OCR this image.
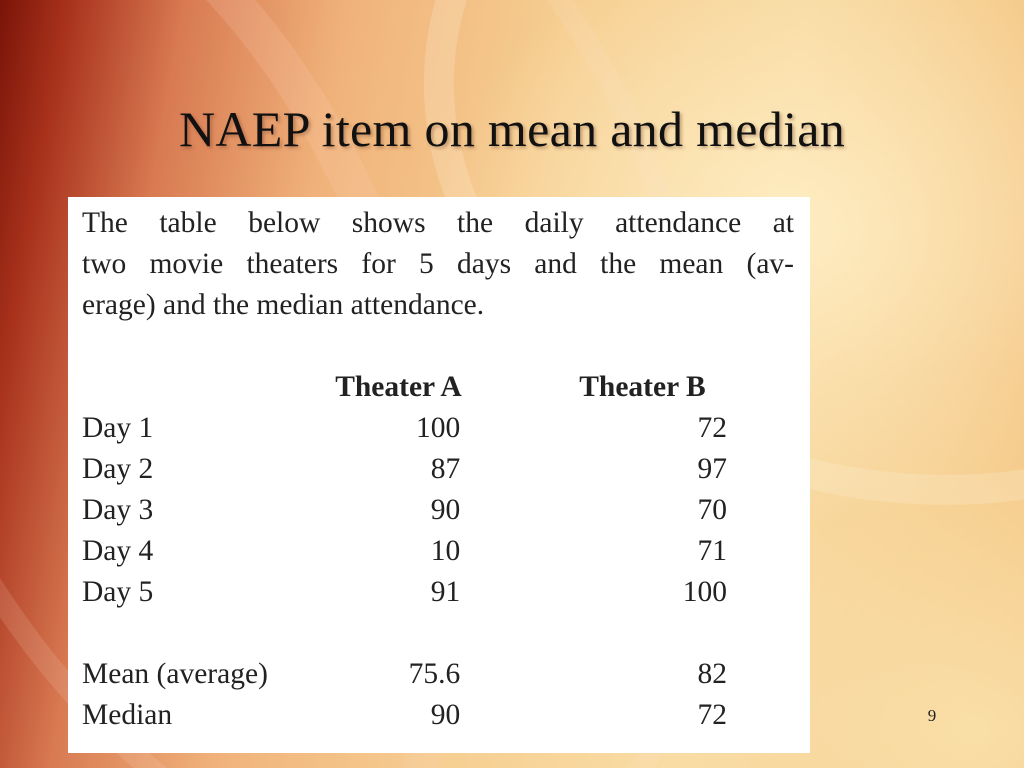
NAEP item on mean and median
The table below shows the daily attendance at
two movie theaters for 5 days and the mean (av-
erage) and the median attendance.
	Theater A	Theater B
Day 1	100	72
Day 2	87	97
Day 3	90	70
Day 4	10	71
Day 5	91	100

Mean (average)	75.6	82
Median	90	72	9
